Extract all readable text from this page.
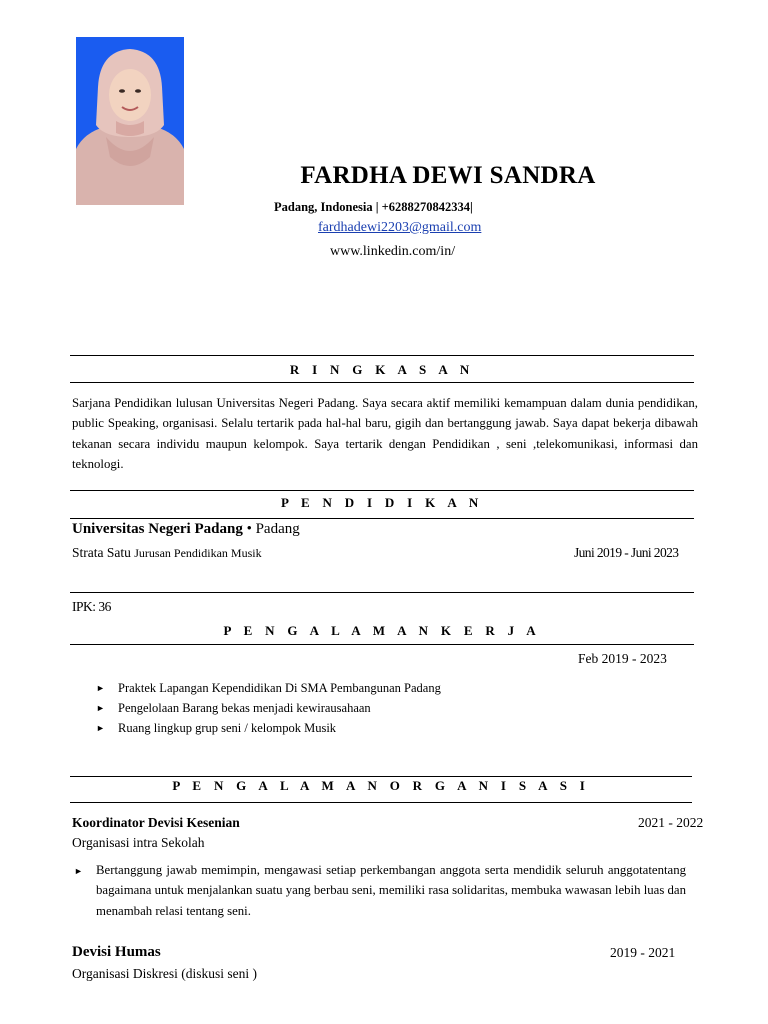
FARDHA DEWI SANDRA
Padang, Indonesia | +6288270842334|
fardhadewi2203@gmail.com
www.linkedin.com/in/
R I N G K A S A N
Sarjana Pendidikan lulusan Universitas Negeri Padang. Saya secara aktif memiliki kemampuan dalam dunia pendidikan, public Speaking, organisasi. Selalu tertarik pada hal-hal baru, gigih dan bertanggung jawab. Saya dapat bekerja dibawah tekanan secara individu maupun kelompok. Saya tertarik dengan Pendidikan , seni ,telekomunikasi, informasi dan teknologi.
P E N D I D I K A N
Universitas Negeri Padang • Padang
Strata Satu Jurusan Pendidikan Musik	Juni 2019 - Juni 2023
IPK: 36
P E N G A L A M A N K E R J A
Feb 2019 - 2023
► Praktek Lapangan Kependidikan Di SMA Pembangunan Padang
► Pengelolaan Barang bekas menjadi kewirausahaan
► Ruang lingkup grup seni / kelompok Musik
P E N G A L A M A N O R G A N I S A S I
Koordinator Devisi Kesenian	2021 - 2022
Organisasi intra Sekolah
► Bertanggung jawab memimpin, mengawasi setiap perkembangan anggota serta mendidik seluruh anggotatentang bagaimana untuk menjalankan suatu yang berbau seni, memiliki rasa solidaritas, membuka wawasan lebih luas dan menambah relasi tentang seni.
Devisi Humas	2019 - 2021
Organisasi Diskresi (diskusi seni )
